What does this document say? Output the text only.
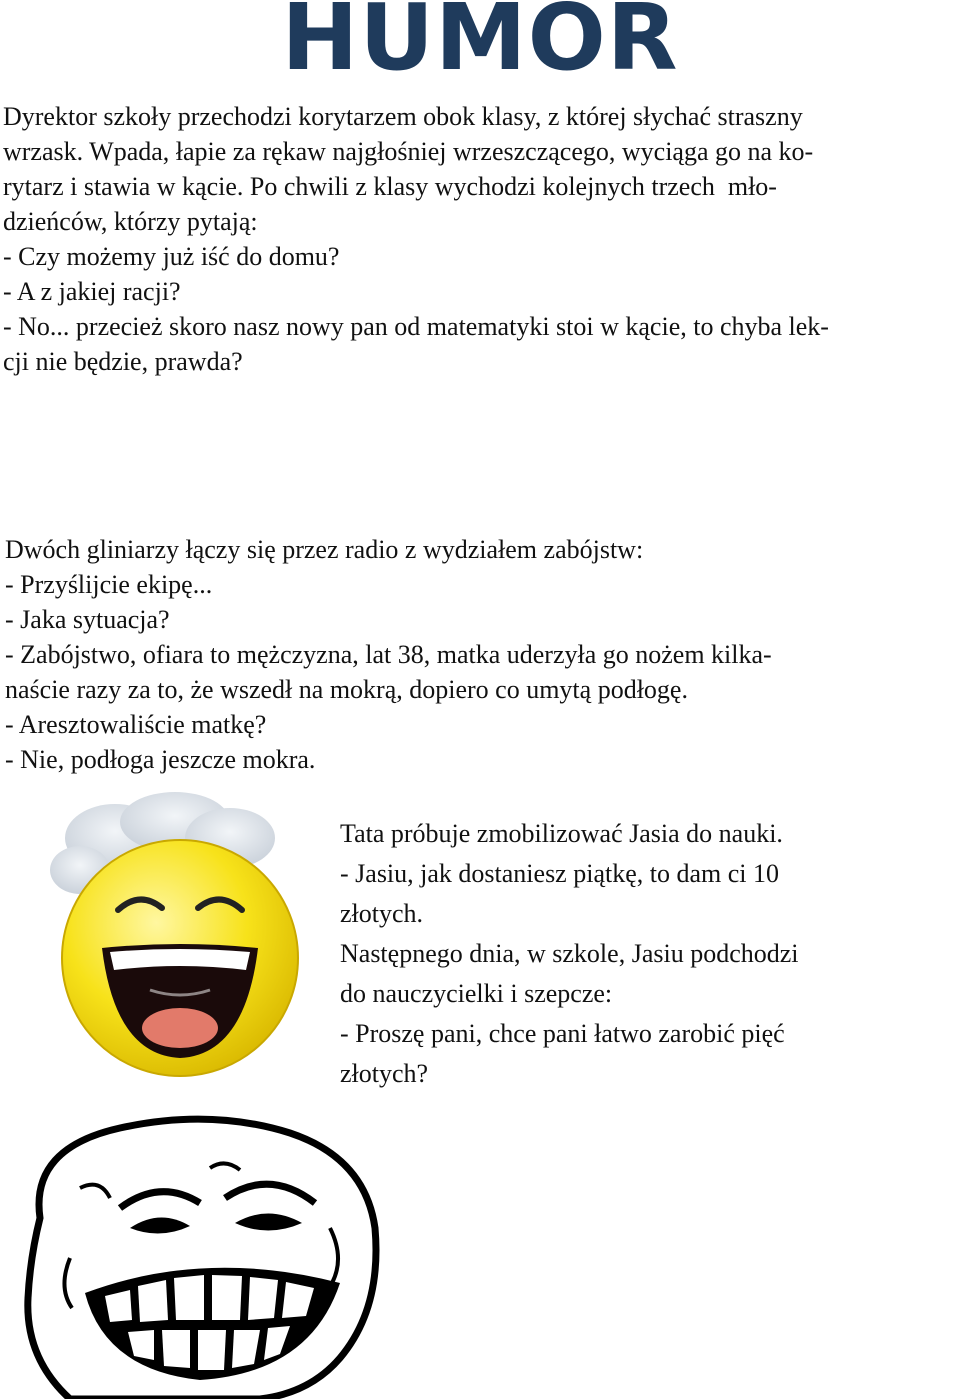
HUMOR

Dyrektor szkoły przechodzi korytarzem obok klasy, z której słychać straszny

wrzask. Wpada, łapie za rękaw najgłośniej wrzeszczącego, wyciąga go na ko-

rytarz i stawia w kącie. Po chwili z klasy wychodzi kolejnych trzech  mło-

dzieńców, którzy pytają:

- Czy możemy już iść do domu?

- A z jakiej racji?

- No... przecież skoro nasz nowy pan od matematyki stoi w kącie, to chyba lek-

cji nie będzie, prawda?

Dwóch gliniarzy łączy się przez radio z wydziałem zabójstw:

- Przyślijcie ekipę...

- Jaka sytuacja?

- Zabójstwo, ofiara to mężczyzna, lat 38, matka uderzyła go nożem kilka-

naście razy za to, że wszedł na mokrą, dopiero co umytą podłogę.

- Aresztowaliście matkę?

- Nie, podłoga jeszcze mokra.

Tata próbuje zmobilizować Jasia do nauki.

- Jasiu, jak dostaniesz piątkę, to dam ci 10

złotych.

Następnego dnia, w szkole, Jasiu podchodzi

do nauczycielki i szepcze:

- Proszę pani, chce pani łatwo zarobić pięć

złotych?
